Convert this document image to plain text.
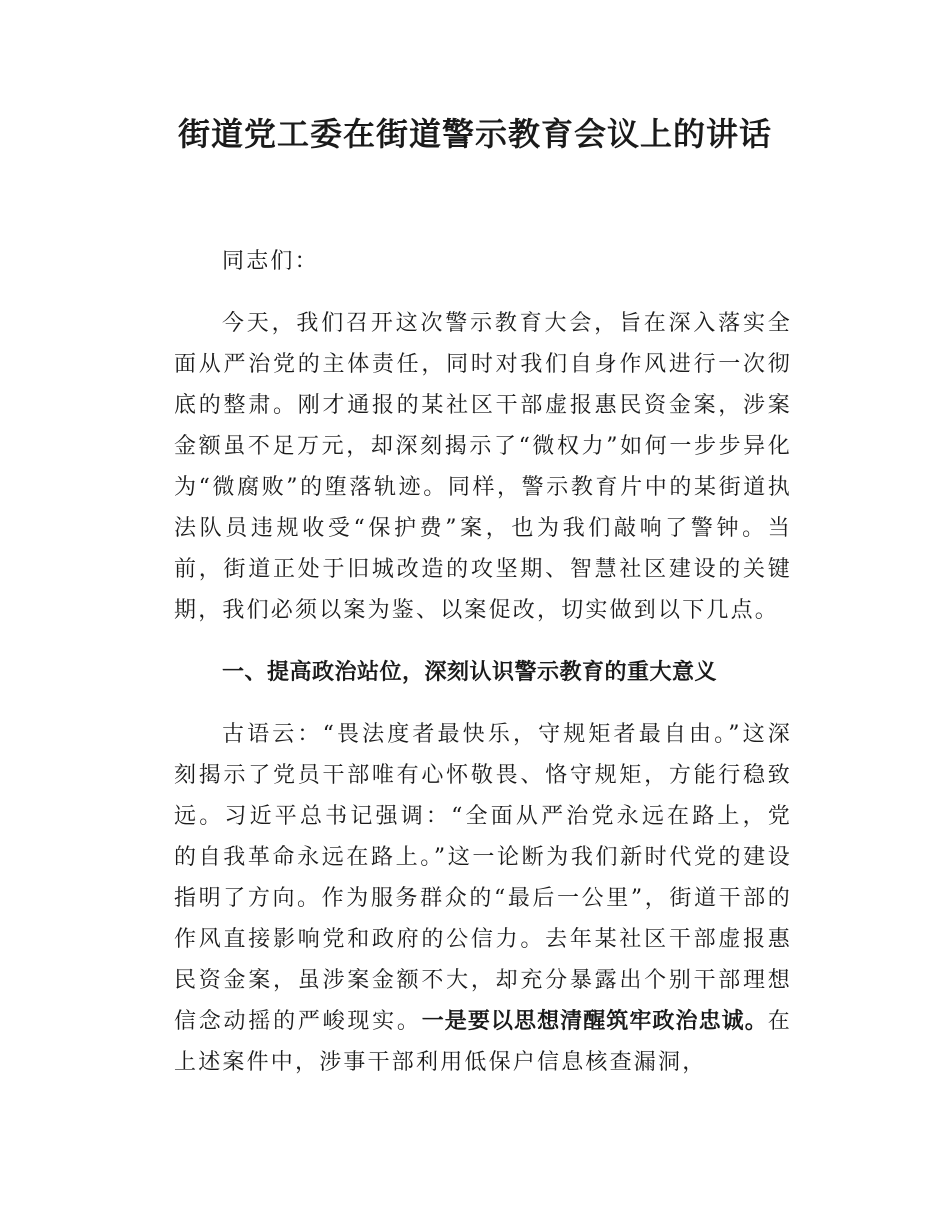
街道党工委在街道警示教育会议上的讲话

同志们：

今天，我们召开这次警示教育大会，旨在深入落实全面从严治党的主体责任，同时对我们自身作风进行一次彻底的整肃。刚才通报的某社区干部虚报惠民资金案，涉案金额虽不足万元，却深刻揭示了“微权力”如何一步步异化为“微腐败”的堕落轨迹。同样，警示教育片中的某街道执法队员违规收受“保护费”案，也为我们敲响了警钟。当前，街道正处于旧城改造的攻坚期、智慧社区建设的关键期，我们必须以案为鉴、以案促改，切实做到以下几点。

一、提高政治站位，深刻认识警示教育的重大意义

古语云：“畏法度者最快乐，守规矩者最自由。”这深刻揭示了党员干部唯有心怀敬畏、恪守规矩，方能行稳致远。习近平总书记强调：“全面从严治党永远在路上，党的自我革命永远在路上。”这一论断为我们新时代党的建设指明了方向。作为服务群众的“最后一公里”，街道干部的作风直接影响党和政府的公信力。去年某社区干部虚报惠民资金案，虽涉案金额不大，却充分暴露出个别干部理想信念动摇的严峻现实。一是要以思想清醒筑牢政治忠诚。在上述案件中，涉事干部利用低保户信息核查漏洞，
